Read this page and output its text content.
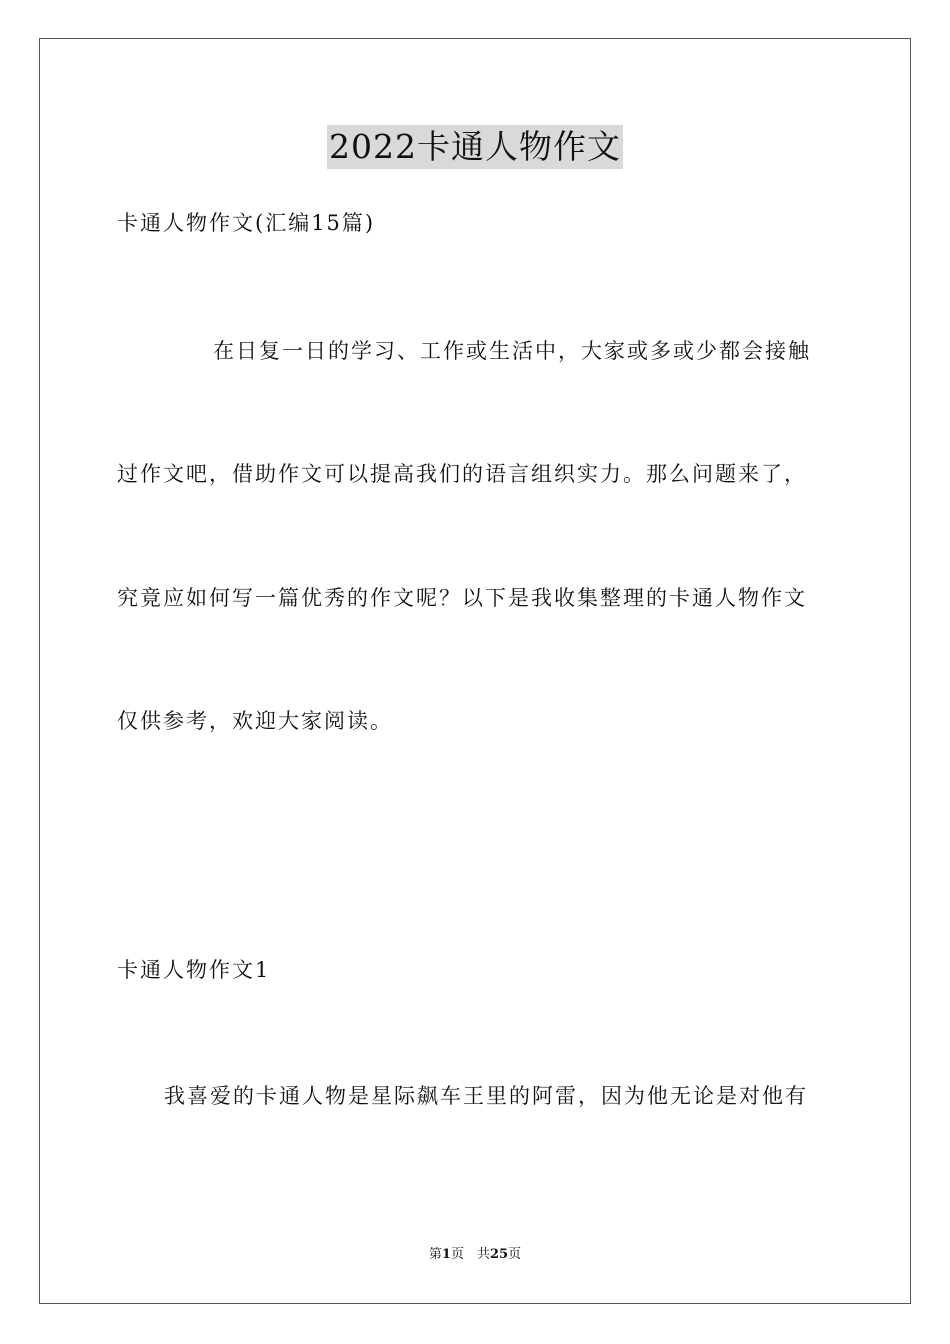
2022卡通人物作文
卡通人物作文(汇编15篇)
在日复一日的学习、工作或生活中，大家或多或少都会接触
过作文吧，借助作文可以提高我们的语言组织实力。那么问题来了，
究竟应如何写一篇优秀的作文呢？以下是我收集整理的卡通人物作文
仅供参考，欢迎大家阅读。
卡通人物作文1
我喜爱的卡通人物是星际飙车王里的阿雷，因为他无论是对他有
第1页　共25页
